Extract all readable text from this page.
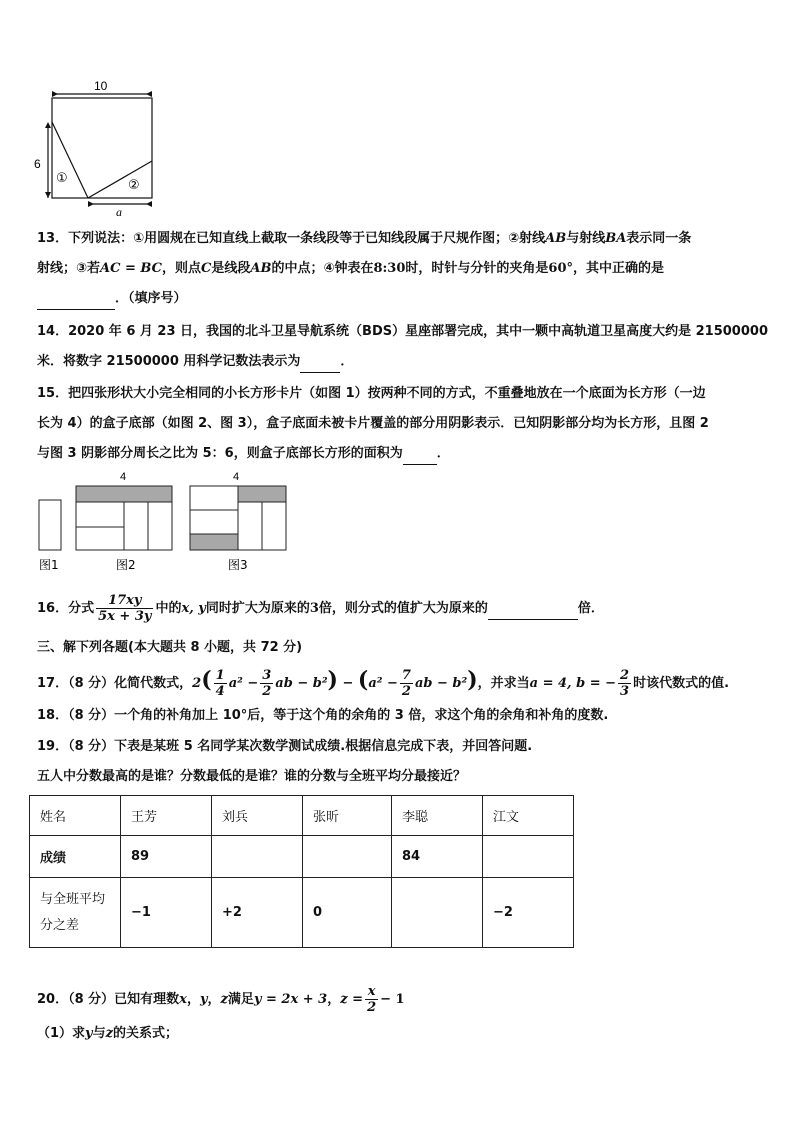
10
6
①	②
a
13．下列说法：①用圆规在已知直线上截取一条线段等于已知线段属于尺规作图；②射线AB与射线BA表示同一条
射线；③若AC = BC，则点C是线段AB的中点；④钟表在8:30时，时针与分针的夹角是60°，其中正确的是
．（填序号）
14．2020 年 6 月 23 日，我国的北斗卫星导航系统（BDS）星座部署完成，其中一颗中高轨道卫星高度大约是 21500000
米．将数字 21500000 用科学记数法表示为	．
15．把四张形状大小完全相同的小长方形卡片（如图 1）按两种不同的方式，不重叠地放在一个底面为长方形（一边
长为 4）的盒子底部（如图 2、图 3），盒子底面未被卡片覆盖的部分用阴影表示．已知阴影部分均为长方形，且图 2
与图 3 阴影部分周长之比为 5：6，则盒子底部长方形的面积为	．
4	4
图1	图2	图3
16．分式 $\frac{17xy}{5x + 3y}$ 中的x, y同时扩大为原来的3倍，则分式的值扩大为原来的	倍．
三、解下列各题(本大题共 8 小题，共 72 分)
17．（8 分）化简代数式，$2( \frac{1}{4} a^2 - \frac{3}{2}$ ab − $b^2) - (a^2 - \frac{7}{2}$ ab − b²)，并求当a = 4, b = − $\frac{2}{3}$ 时该代数式的值.
18．（8 分）一个角的补角加上 10°后，等于这个角的余角的 3 倍，求这个角的余角和补角的度数.
19．（8 分）下表是某班 5 名同学某次数学测试成绩.根据信息完成下表，并回答问题.
五人中分数最高的是谁？分数最低的是谁？谁的分数与全班平均分最接近？
姓名	王芳	刘兵	张昕	李聪	江文
成绩	89			84	
与全班平均分之差	−1	+2	0		−2
20．（8 分）已知有理数x，y，z满足y = 2x + 3，$z = \frac{x}{2} - 1$
（1）求y与z的关系式；
